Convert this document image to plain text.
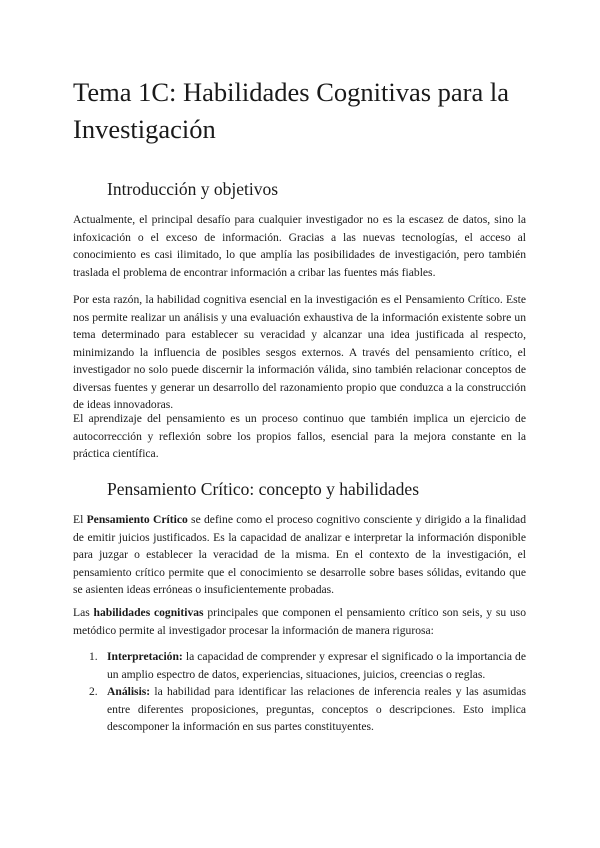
Tema 1C: Habilidades Cognitivas para la Investigación
Introducción y objetivos

Actualmente, el principal desafío para cualquier investigador no es la escasez de datos, sino la infoxicación o el exceso de información. Gracias a las nuevas tecnologías, el acceso al conocimiento es casi ilimitado, lo que amplía las posibilidades de investigación, pero también traslada el problema de encontrar información a cribar las fuentes más fiables.

Por esta razón, la habilidad cognitiva esencial en la investigación es el Pensamiento Crítico. Este nos permite realizar un análisis y una evaluación exhaustiva de la información existente sobre un tema determinado para establecer su veracidad y alcanzar una idea justificada al respecto, minimizando la influencia de posibles sesgos externos. A través del pensamiento crítico, el investigador no solo puede discernir la información válida, sino también relacionar conceptos de diversas fuentes y generar un desarrollo del razonamiento propio que conduzca a la construcción de ideas innovadoras.

El aprendizaje del pensamiento es un proceso continuo que también implica un ejercicio de autocorrección y reflexión sobre los propios fallos, esencial para la mejora constante en la práctica científica.

Pensamiento Crítico: concepto y habilidades

El Pensamiento Crítico se define como el proceso cognitivo consciente y dirigido a la finalidad de emitir juicios justificados. Es la capacidad de analizar e interpretar la información disponible para juzgar o establecer la veracidad de la misma. En el contexto de la investigación, el pensamiento crítico permite que el conocimiento se desarrolle sobre bases sólidas, evitando que se asienten ideas erróneas o insuficientemente probadas.

Las habilidades cognitivas principales que componen el pensamiento crítico son seis, y su uso metódico permite al investigador procesar la información de manera rigurosa:

1. Interpretación: la capacidad de comprender y expresar el significado o la importancia de un amplio espectro de datos, experiencias, situaciones, juicios, creencias o reglas.
2. Análisis: la habilidad para identificar las relaciones de inferencia reales y las asumidas entre diferentes proposiciones, preguntas, conceptos o descripciones. Esto implica descomponer la información en sus partes constituyentes.
